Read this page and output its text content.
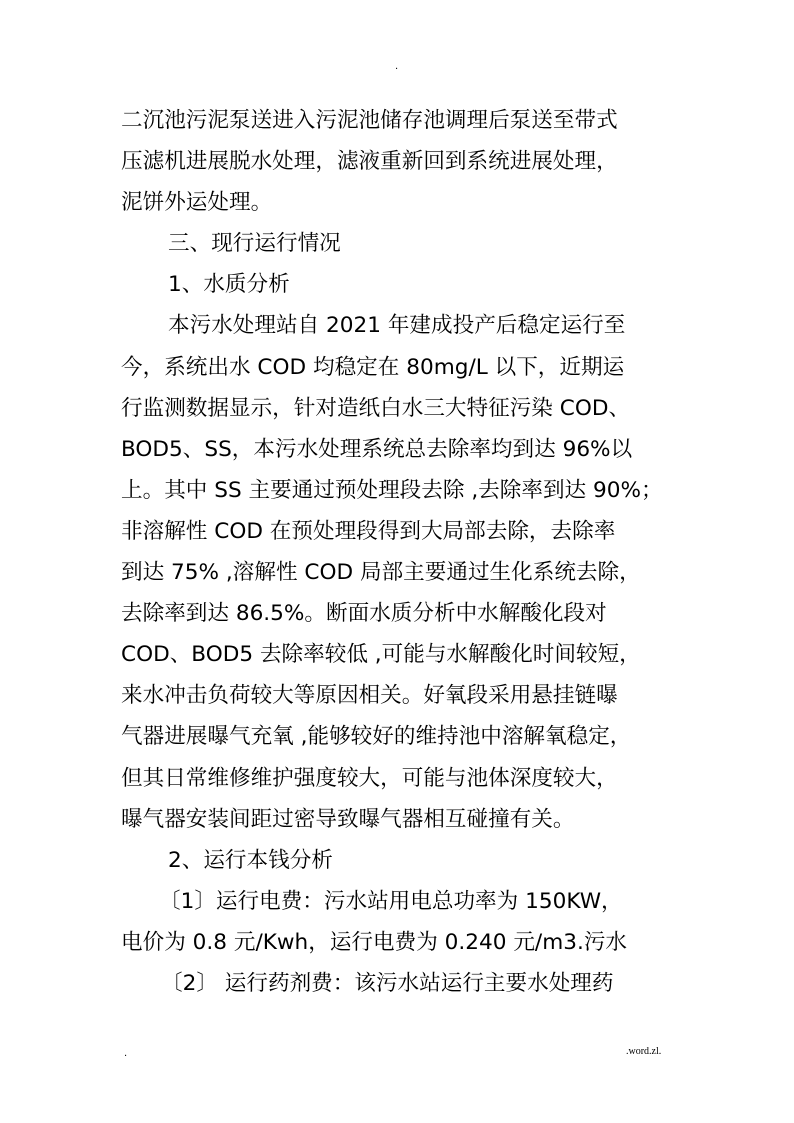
.
二沉池污泥泵送进入污泥池储存池调理后泵送至带式
压滤机进展脱水处理，滤液重新回到系统进展处理，
泥饼外运处理。
三、现行运行情况
1、水质分析
本污水处理站自 2021 年建成投产后稳定运行至
今，系统出水 COD 均稳定在 80mg/L 以下，近期运
行监测数据显示，针对造纸白水三大特征污染 COD、
BOD5、SS，本污水处理系统总去除率均到达 96%以
上。其中 SS 主要通过预处理段去除 ,去除率到达 90%；
非溶解性 COD 在预处理段得到大局部去除，去除率
到达 75% ,溶解性 COD 局部主要通过生化系统去除，
去除率到达 86.5%。断面水质分析中水解酸化段对
COD、BOD5 去除率较低 ,可能与水解酸化时间较短，
来水冲击负荷较大等原因相关。好氧段采用悬挂链曝
气器进展曝气充氧 ,能够较好的维持池中溶解氧稳定，
但其日常维修维护强度较大，可能与池体深度较大，
曝气器安装间距过密导致曝气器相互碰撞有关。
2、运行本钱分析
〔1〕运行电费：污水站用电总功率为 150KW，
电价为 0.8 元/Kwh，运行电费为 0.240 元/m3.污水
〔2〕 运行药剂费：该污水站运行主要水处理药
.	.word.zl.
